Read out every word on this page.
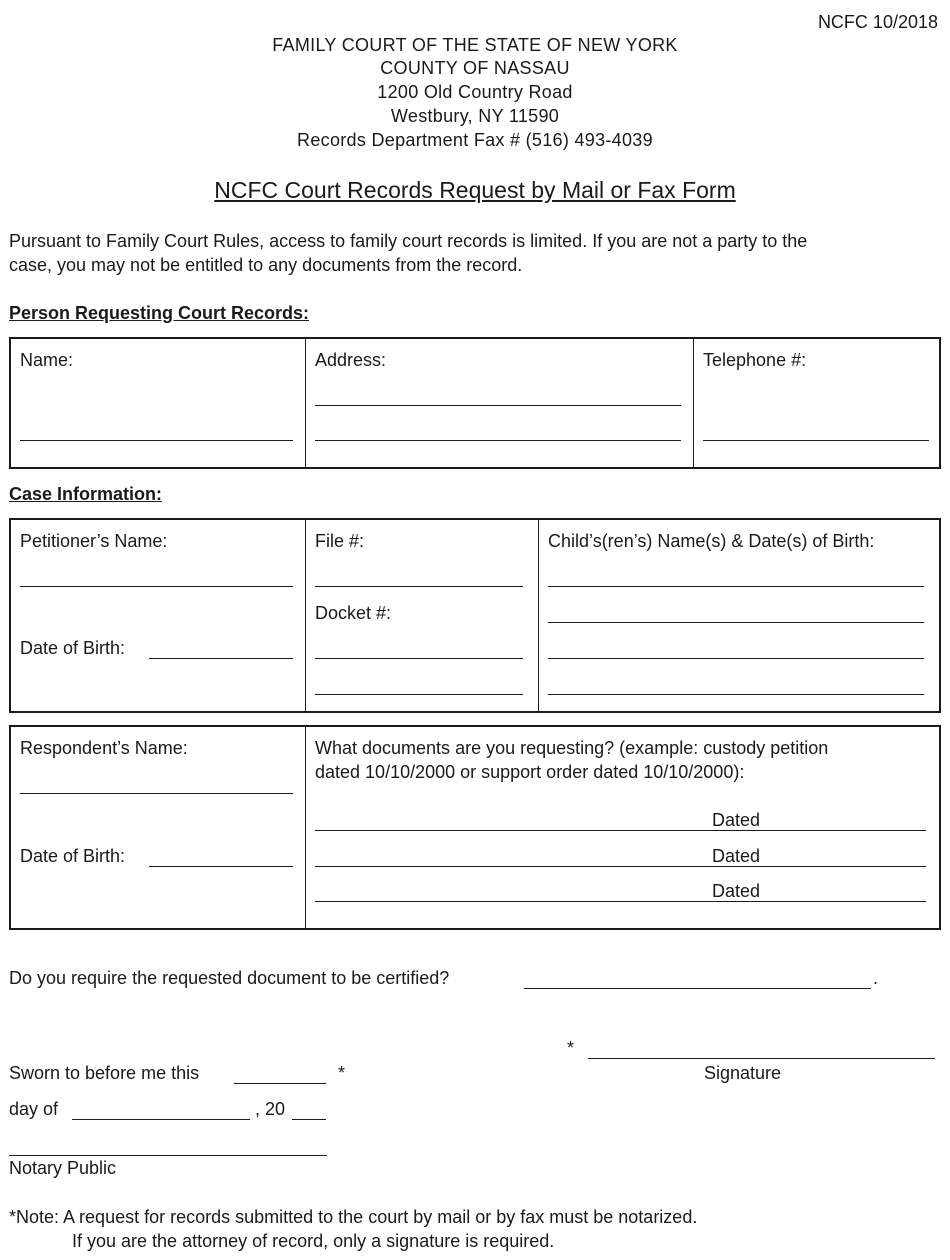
NCFC 10/2018
FAMILY COURT OF THE STATE OF NEW YORK
COUNTY OF NASSAU
1200 Old Country Road
Westbury, NY 11590
Records Department Fax # (516) 493-4039
NCFC Court Records Request by Mail or Fax Form
Pursuant to Family Court Rules, access to family court records is limited. If you are not a party to the
case, you may not be entitled to any documents from the record.
Person Requesting Court Records:
Name:	Address:	Telephone #:
Case Information:
Petitioner’s Name:
Date of Birth:
File #:
Docket #:
Child’s(ren’s) Name(s) & Date(s) of Birth:
Respondent’s Name:
Date of Birth:
What documents are you requesting? (example: custody petition
dated 10/10/2000 or support order dated 10/10/2000):
Dated
Dated
Dated
Do you require the requested document to be certified?	.
*
Signature
Sworn to before me this	*
day of	, 20
Notary Public
*Note: A request for records submitted to the court by mail or by fax must be notarized.
If you are the attorney of record, only a signature is required.
